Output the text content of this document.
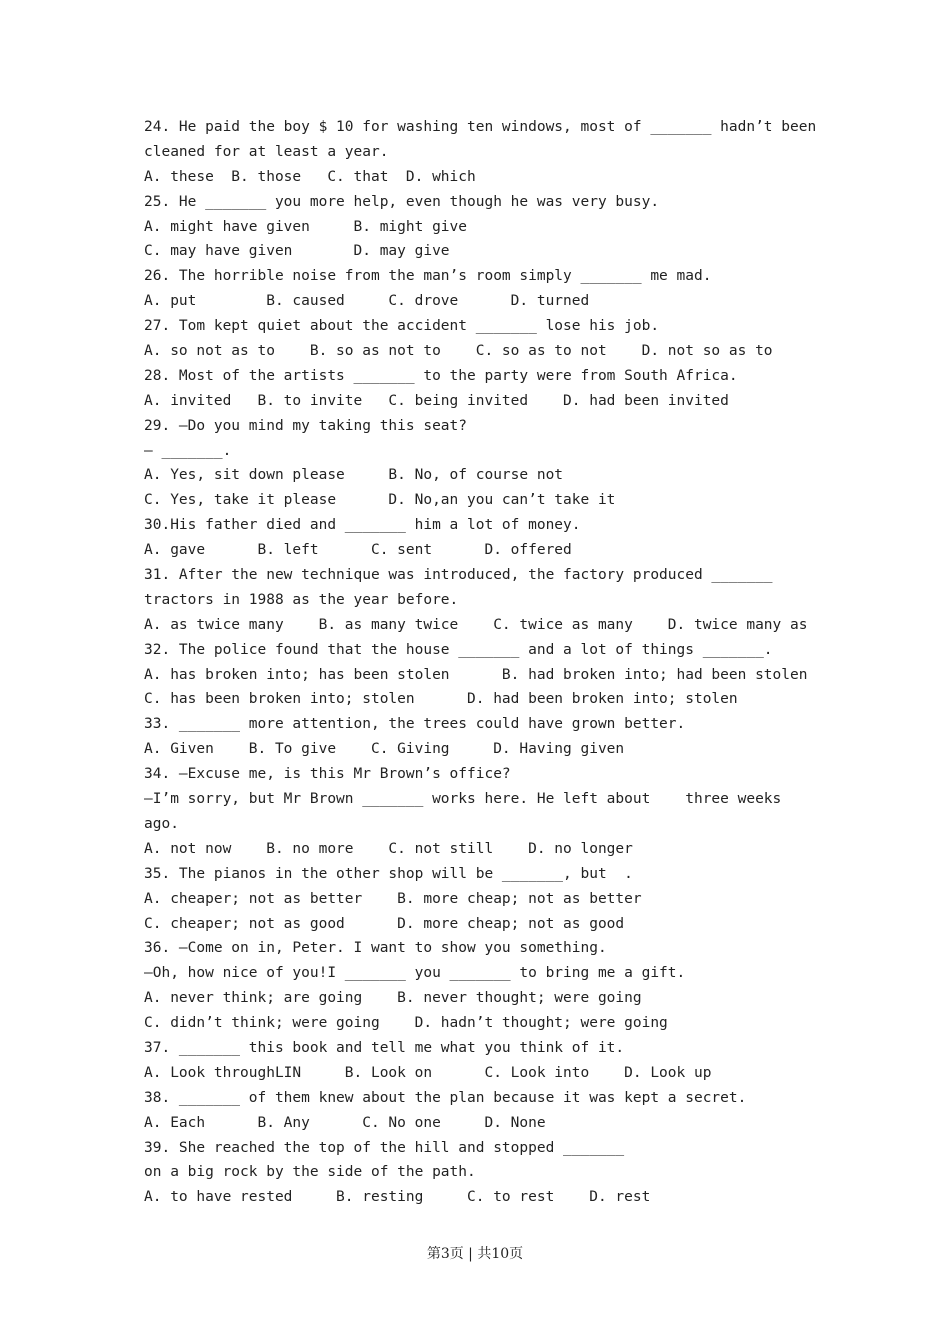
24. He paid the boy $ 10 for washing ten windows, most of _______ hadn’t been
cleaned for at least a year.
A. these  B. those   C. that  D. which
25. He _______ you more help, even though he was very busy.
A. might have given     B. might give
C. may have given       D. may give
26. The horrible noise from the man’s room simply _______ me mad.
A. put        B. caused     C. drove      D. turned
27. Tom kept quiet about the accident _______ lose his job.
A. so not as to    B. so as not to    C. so as to not    D. not so as to
28. Most of the artists _______ to the party were from South Africa.
A. invited   B. to invite   C. being invited    D. had been invited
29. —Do you mind my taking this seat?
— _______.
A. Yes, sit down please     B. No, of course not
C. Yes, take it please      D. No,an you can’t take it
30.His father died and _______ him a lot of money.
A. gave      B. left      C. sent      D. offered
31. After the new technique was introduced, the factory produced _______
tractors in 1988 as the year before.
A. as twice many    B. as many twice    C. twice as many    D. twice many as
32. The police found that the house _______ and a lot of things _______.
A. has broken into; has been stolen      B. had broken into; had been stolen
C. has been broken into; stolen      D. had been broken into; stolen
33. _______ more attention, the trees could have grown better.
A. Given    B. To give    C. Giving     D. Having given
34. —Excuse me, is this Mr Brown’s office?
—I’m sorry, but Mr Brown _______ works here. He left about    three weeks
ago.
A. not now    B. no more    C. not still    D. no longer
35. The pianos in the other shop will be _______, but  .
A. cheaper; not as better    B. more cheap; not as better
C. cheaper; not as good      D. more cheap; not as good
36. —Come on in, Peter. I want to show you something.
—Oh, how nice of you!I _______ you _______ to bring me a gift.
A. never think; are going    B. never thought; were going
C. didn’t think; were going    D. hadn’t thought; were going
37. _______ this book and tell me what you think of it.
A. Look throughLIN     B. Look on      C. Look into    D. Look up
38. _______ of them knew about the plan because it was kept a secret.
A. Each      B. Any      C. No one     D. None
39. She reached the top of the hill and stopped _______
on a big rock by the side of the path.
A. to have rested     B. resting     C. to rest    D. rest
第3页 | 共10页
